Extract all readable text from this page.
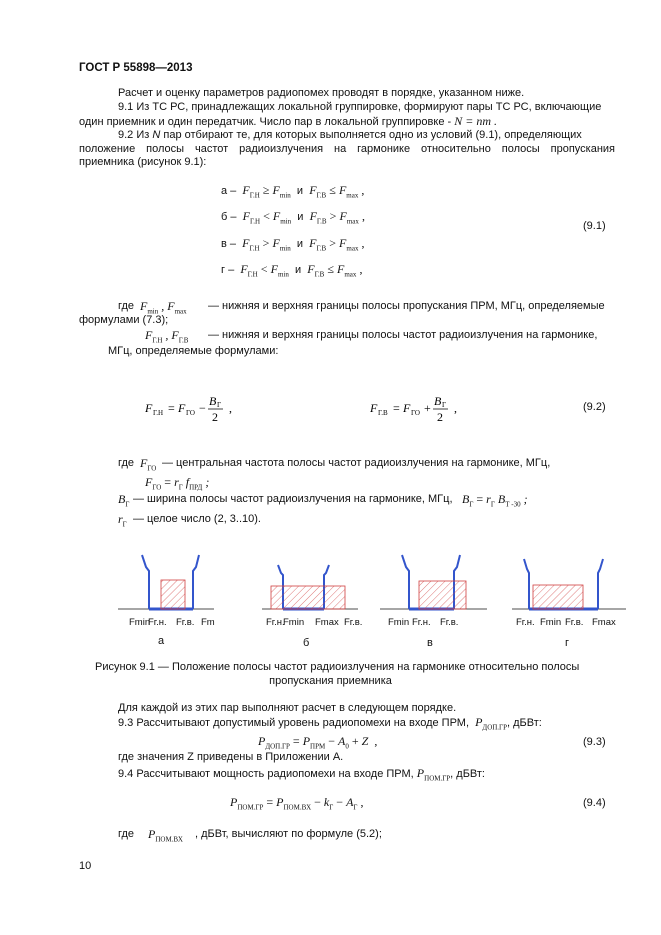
ГОСТ Р 55898—2013
Расчет и оценку параметров радиопомех проводят в порядке, указанном ниже.
9.1 Из ТС РС, принадлежащих локальной группировке, формируют пары ТС РС, включающие
один приемник и один передатчик. Число пар в локальной группировке - N = nm .
9.2 Из N пар отбирают те, для которых выполняется одно из условий (9.1), определяющих
положение полосы частот радиоизлучения на гармонике относительно полосы пропускания
приемника (рисунок 9.1):
$а - F_{Г.Н} \ge F_{min}$ и $F_{Г.В} \le F_{max}$ ,
$б - F_{Г.Н} < F_{min}$ и $F_{Г.В} > F_{max}$ ,
$в - F_{Г.Н} > F_{min}$ и $F_{Г.В} > F_{max}$ ,
$г - F_{Г.Н} < F_{min}$ и $F_{Г.В} \le F_{max}$ ,
(9.1)
где $F_{min}$ , $F_{max}$ — нижняя и верхняя границы полосы пропускания ПРМ, МГц, определяемые
формулами (7.3);
$F_{Г.Н}$ , $F_{Г.В}$ — нижняя и верхняя границы полосы частот радиоизлучения на гармонике,
МГц, определяемые формулами:
F Г.Н = F ГО − B Г
2
,	F Г.В = F ГО + B Г
2
,	(9.2)
где $F_{ГО}$ — центральная частота полосы частот радиоизлучения на гармонике, МГц,
$F_{ГО} = r_Г$ $f_{ПРД}$ ;
$B_Г$ — ширина полосы частот радиоизлучения на гармонике, МГц, $B_Г = r_Г$ $B_{Т -30}$ ;
$r_Г$ — целое число (2, 3..10).
Fmin
Fг.н. Fг.в. Fm	Fг.н.
Fmin Fmax Fг.в.	Fmin Fг.н. Fг.в.	Fг.н. Fmin Fг.в. Fmax
а	б	в	г
Рисунок 9.1 — Положение полосы частот радиоизлучения на гармонике относительно полосы
пропускания приемника
Для каждой из этих пар выполняют расчет в следующем порядке.
9.3 Рассчитывают допустимый уровень радиопомехи на входе ПРМ,  $P_{ДОП.ГР}$, дБВт:
$P_{ДОП.ГР} = P_{ПРМ} - A_0 + Z$  ,	(9.3)
где значения Z приведены в Приложении А.
9.4 Рассчитывают мощность радиопомехи на входе ПРМ, $P_{ПОМ.ГР}$, дБВт:
$P_{ПОМ.ГР} = P_{ПОМ.ВХ} - k_Г - A_Г$ ,	(9.4)
где $P_{ПОМ.ВХ}$ , дБВт, вычисляют по формуле (5.2);
10
